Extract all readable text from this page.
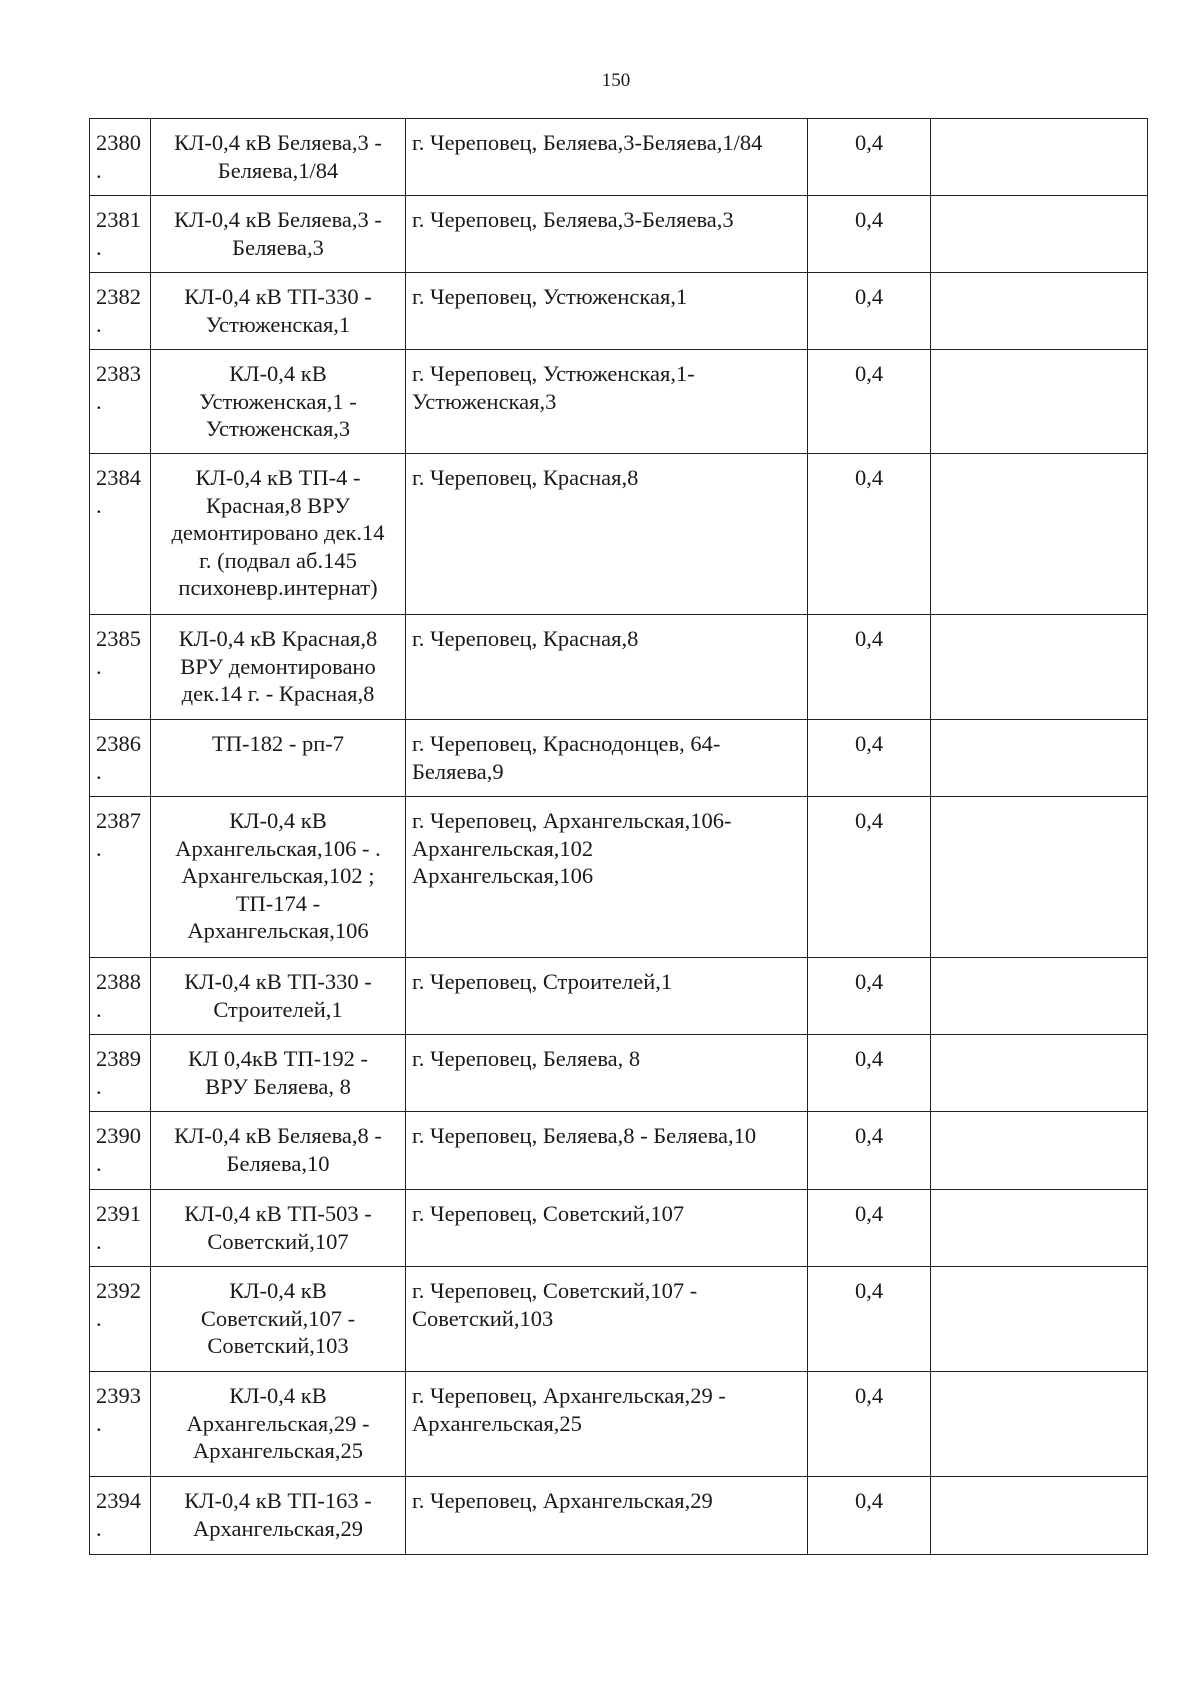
150
2380.	КЛ-0,4 кВ Беляева,3 -
Беляева,1/84	г. Череповец, Беляева,3-Беляева,1/84	0,4	
2381.	КЛ-0,4 кВ Беляева,3 -
Беляева,3	г. Череповец, Беляева,3-Беляева,3	0,4	
2382.	КЛ-0,4 кВ ТП-330 -
Устюженская,1	г. Череповец, Устюженская,1	0,4	
2383.	КЛ-0,4 кВ
Устюженская,1 -
Устюженская,3	г. Череповец, Устюженская,1-
Устюженская,3	0,4	
2384.	КЛ-0,4 кВ ТП-4 -
Красная,8 ВРУ
демонтировано дек.14
г. (подвал аб.145
психоневр.интернат)	г. Череповец, Красная,8	0,4	
2385.	КЛ-0,4 кВ Красная,8
ВРУ демонтировано
дек.14 г. - Красная,8	г. Череповец, Красная,8	0,4	
2386.	ТП-182 - рп-7	г. Череповец, Краснодонцев, 64-
Беляева,9	0,4	
2387.	КЛ-0,4 кВ
Архангельская,106 - .
Архангельская,102 ;
ТП-174 -
Архангельская,106	г. Череповец, Архангельская,106-
Архангельская,102
Архангельская,106	0,4	
2388.	КЛ-0,4 кВ ТП-330 -
Строителей,1	г. Череповец, Строителей,1	0,4	
2389.	КЛ 0,4кВ ТП-192 -
ВРУ Беляева, 8	г. Череповец, Беляева, 8	0,4	
2390.	КЛ-0,4 кВ Беляева,8 -
Беляева,10	г. Череповец, Беляева,8 - Беляева,10	0,4	
2391.	КЛ-0,4 кВ ТП-503 -
Советский,107	г. Череповец, Советский,107	0,4	
2392.	КЛ-0,4 кВ
Советский,107 -
Советский,103	г. Череповец, Советский,107 -
Советский,103	0,4	
2393.	КЛ-0,4 кВ
Архангельская,29 -
Архангельская,25	г. Череповец, Архангельская,29 -
Архангельская,25	0,4	
2394.	КЛ-0,4 кВ ТП-163 -
Архангельская,29	г. Череповец, Архангельская,29	0,4	
